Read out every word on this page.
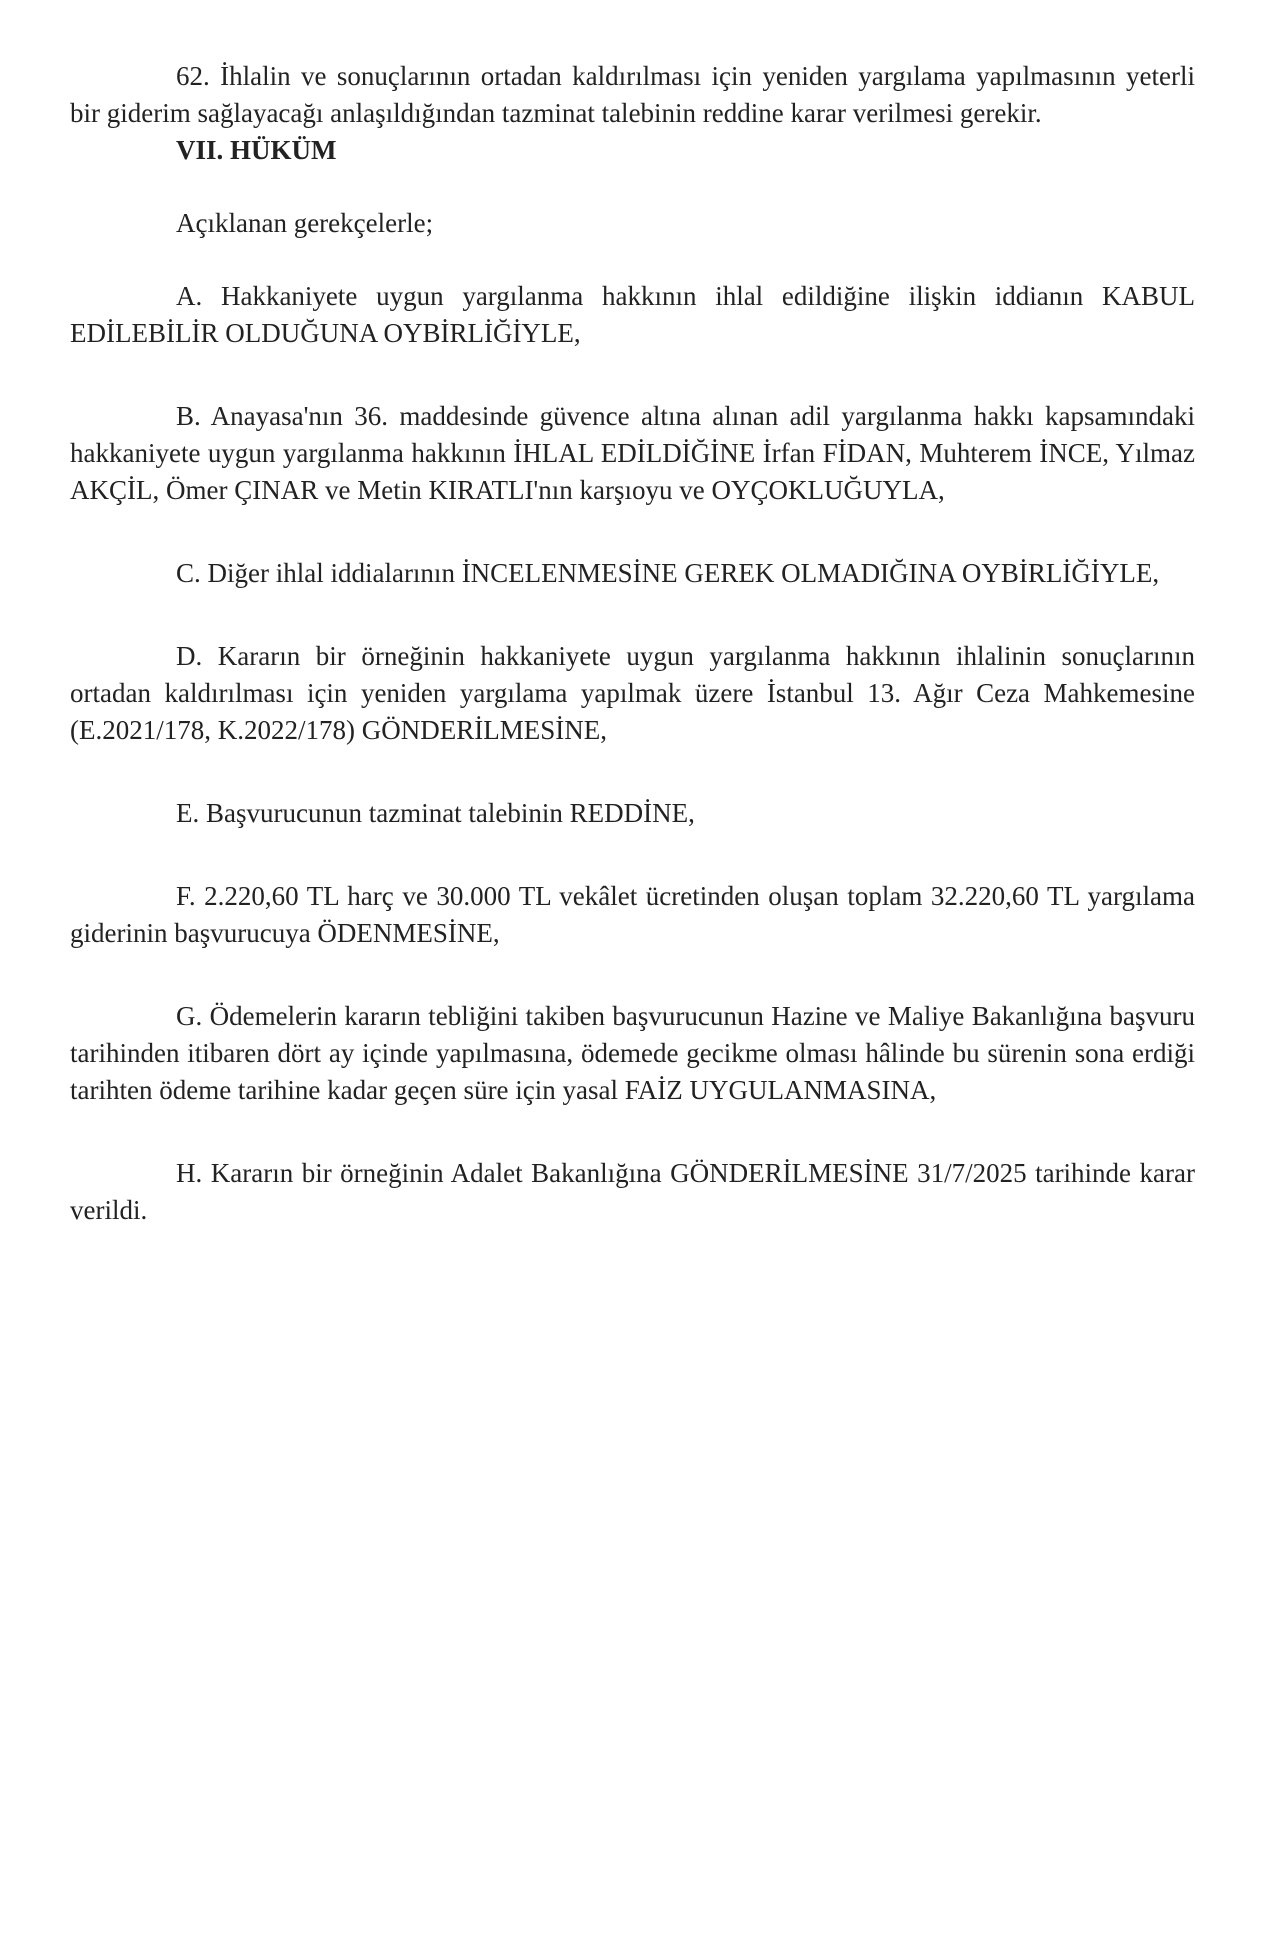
62. İhlalin ve sonuçlarının ortadan kaldırılması için yeniden yargılama yapılmasının yeterli bir giderim sağlayacağı anlaşıldığından tazminat talebinin reddine karar verilmesi gerekir.

VII. HÜKÜM

Açıklanan gerekçelerle;

A. Hakkaniyete uygun yargılanma hakkının ihlal edildiğine ilişkin iddianın KABUL EDİLEBİLİR OLDUĞUNA OYBİRLİĞİYLE,

B. Anayasa'nın 36. maddesinde güvence altına alınan adil yargılanma hakkı kapsamındaki hakkaniyete uygun yargılanma hakkının İHLAL EDİLDİĞİNE İrfan FİDAN, Muhterem İNCE, Yılmaz AKÇİL, Ömer ÇINAR ve Metin KIRATLI'nın karşıoyu ve OYÇOKLUĞUYLA,

C. Diğer ihlal iddialarının İNCELENMESİNE GEREK OLMADIĞINA OYBİRLİĞİYLE,

D. Kararın bir örneğinin hakkaniyete uygun yargılanma hakkının ihlalinin sonuçlarının ortadan kaldırılması için yeniden yargılama yapılmak üzere İstanbul 13. Ağır Ceza Mahkemesine (E.2021/178, K.2022/178) GÖNDERİLMESİNE,

E. Başvurucunun tazminat talebinin REDDİNE,

F. 2.220,60 TL harç ve 30.000 TL vekâlet ücretinden oluşan toplam 32.220,60 TL yargılama giderinin başvurucuya ÖDENMESİNE,

G. Ödemelerin kararın tebliğini takiben başvurucunun Hazine ve Maliye Bakanlığına başvuru tarihinden itibaren dört ay içinde yapılmasına, ödemede gecikme olması hâlinde bu sürenin sona erdiği tarihten ödeme tarihine kadar geçen süre için yasal FAİZ UYGULANMASINA,

H. Kararın bir örneğinin Adalet Bakanlığına GÖNDERİLMESİNE 31/7/2025 tarihinde karar verildi.
